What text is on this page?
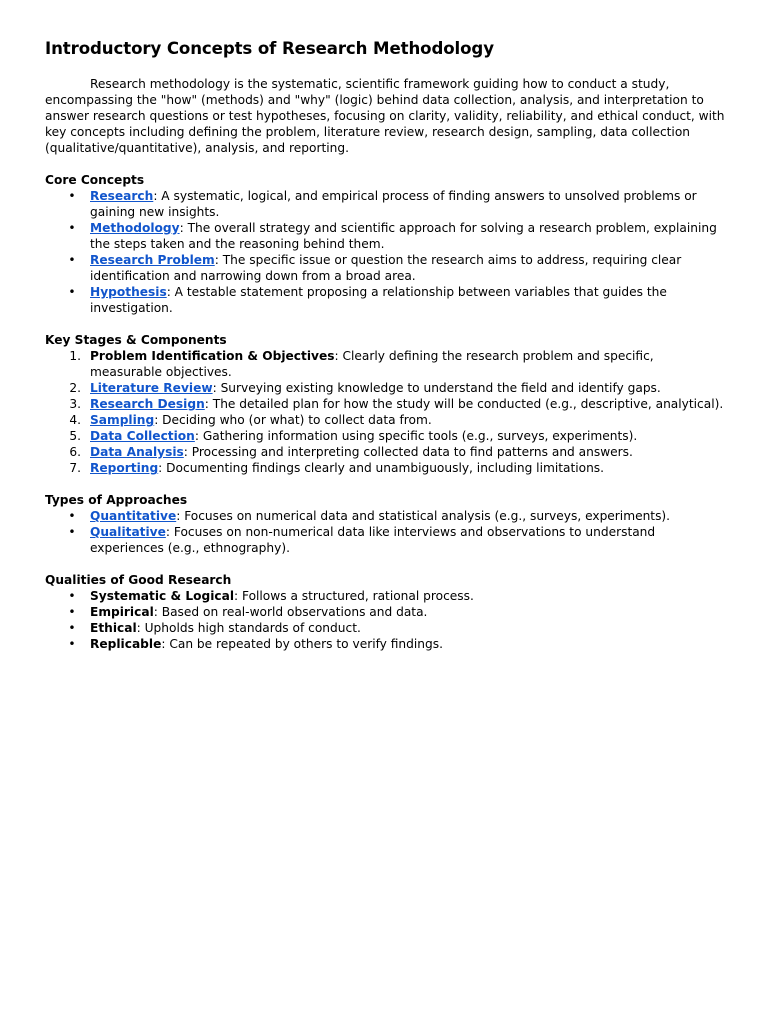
Introductory Concepts of Research Methodology

Research methodology is the systematic, scientific framework guiding how to conduct a study, encompassing the "how" (methods) and "why" (logic) behind data collection, analysis, and interpretation to answer research questions or test hypotheses, focusing on clarity, validity, reliability, and ethical conduct, with key concepts including defining the problem, literature review, research design, sampling, data collection (qualitative/quantitative), analysis, and reporting.

Core Concepts
• Research: A systematic, logical, and empirical process of finding answers to unsolved problems or gaining new insights.
• Methodology: The overall strategy and scientific approach for solving a research problem, explaining the steps taken and the reasoning behind them.
• Research Problem: The specific issue or question the research aims to address, requiring clear identification and narrowing down from a broad area.
• Hypothesis: A testable statement proposing a relationship between variables that guides the investigation.
Key Stages & Components
1. Problem Identification & Objectives: Clearly defining the research problem and specific, measurable objectives.
2. Literature Review: Surveying existing knowledge to understand the field and identify gaps.
3. Research Design: The detailed plan for how the study will be conducted (e.g., descriptive, analytical).
4. Sampling: Deciding who (or what) to collect data from.
5. Data Collection: Gathering information using specific tools (e.g., surveys, experiments).
6. Data Analysis: Processing and interpreting collected data to find patterns and answers.
7. Reporting: Documenting findings clearly and unambiguously, including limitations.
Types of Approaches
• Quantitative: Focuses on numerical data and statistical analysis (e.g., surveys, experiments).
• Qualitative: Focuses on non-numerical data like interviews and observations to understand experiences (e.g., ethnography).
Qualities of Good Research
• Systematic & Logical: Follows a structured, rational process.
• Empirical: Based on real-world observations and data.
• Ethical: Upholds high standards of conduct.
• Replicable: Can be repeated by others to verify findings.
